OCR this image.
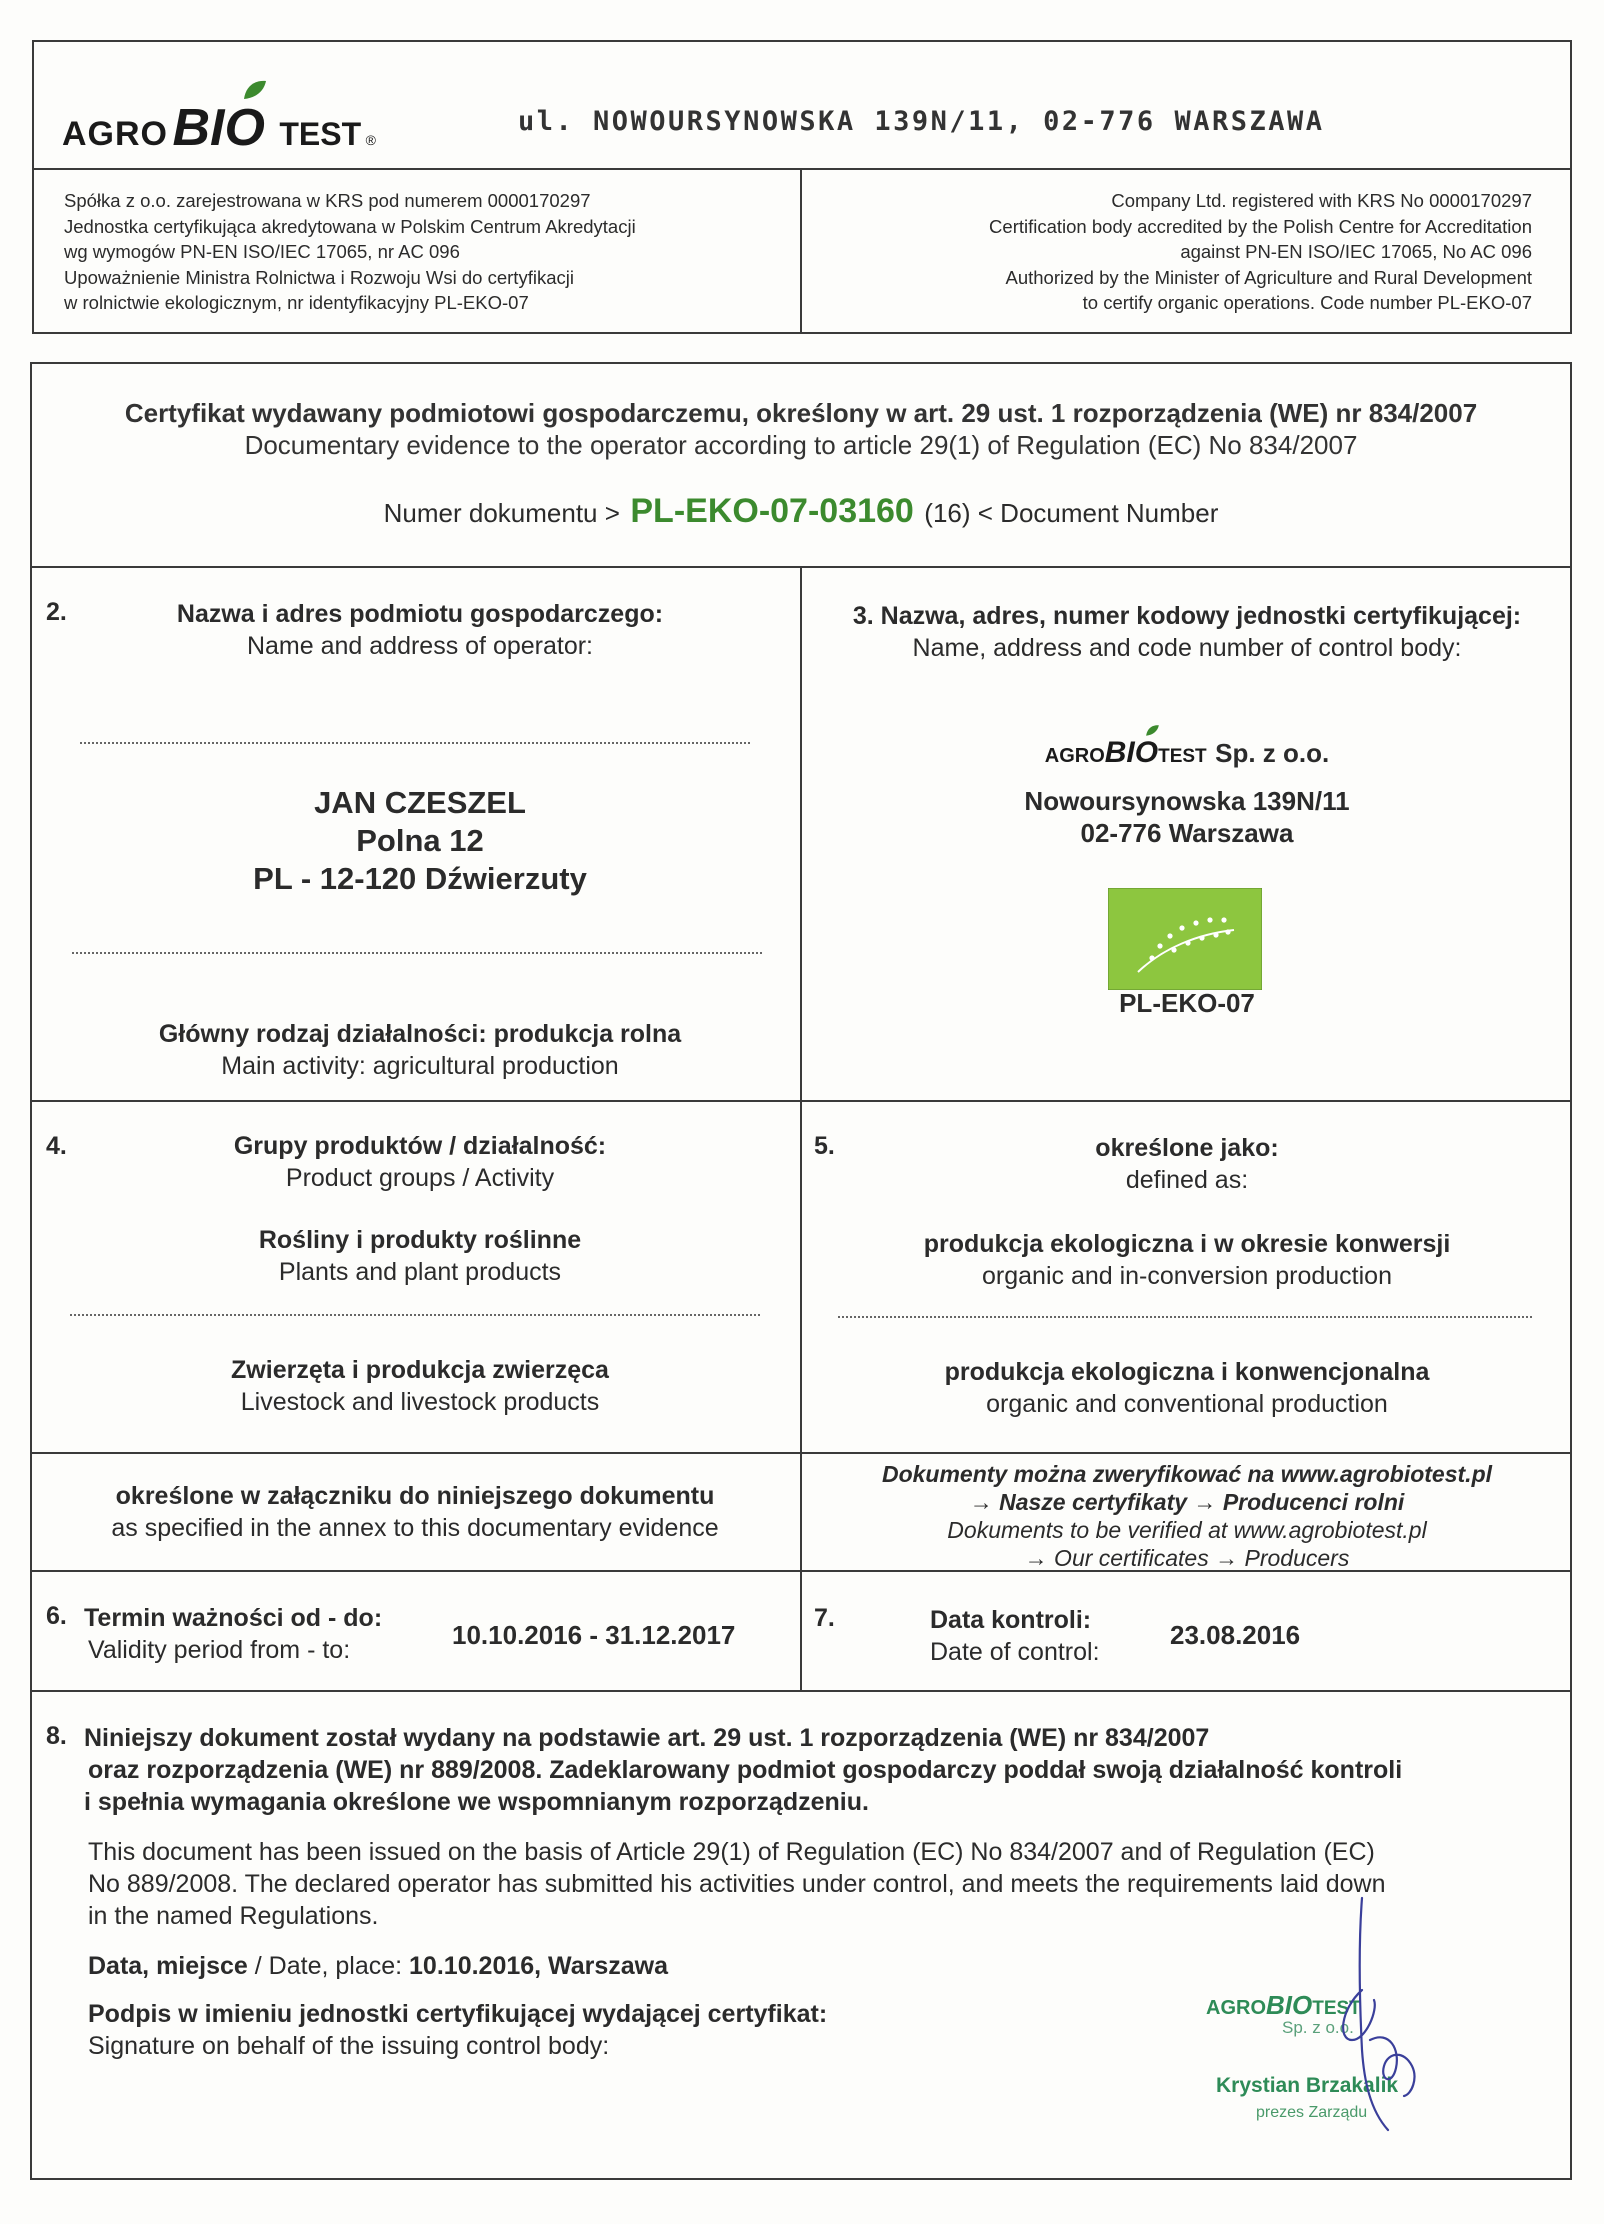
AGRO BIO TEST ®
ul. NOWOURSYNOWSKA 139N/11, 02-776 WARSZAWA
Spółka z o.o. zarejestrowana w KRS pod numerem 0000170297
Jednostka certyfikująca akredytowana w Polskim Centrum Akredytacji
wg wymogów PN-EN ISO/IEC 17065, nr AC 096
Upoważnienie Ministra Rolnictwa i Rozwoju Wsi do certyfikacji
w rolnictwie ekologicznym, nr identyfikacyjny PL-EKO-07
Company Ltd. registered with KRS No 0000170297
Certification body accredited by the Polish Centre for Accreditation
against PN-EN ISO/IEC 17065, No AC 096
Authorized by the Minister of Agriculture and Rural Development
to certify organic operations. Code number PL-EKO-07
Certyfikat wydawany podmiotowi gospodarczemu, określony w art. 29 ust. 1 rozporządzenia (WE) nr 834/2007
Documentary evidence to the operator according to article 29(1) of Regulation (EC) No 834/2007
Numer dokumentu > PL-EKO-07-03160 (16) < Document Number
2.	Nazwa i adres podmiotu gospodarczego:
Name and address of operator:
JAN CZESZEL
Polna 12
PL - 12-120 Dźwierzuty
Główny rodzaj działalności: produkcja rolna
Main activity: agricultural production
3. Nazwa, adres, numer kodowy jednostki certyfikującej:
Name, address and code number of control body:
AGROBIO
TEST Sp. z o.o.
Nowoursynowska 139N/11
02-776 Warszawa
PL-EKO-07
4.	Grupy produktów / działalność:
Product groups / Activity
Rośliny i produkty roślinne
Plants and plant products
Zwierzęta i produkcja zwierzęca
Livestock and livestock products
5.	określone jako:
defined as:
produkcja ekologiczna i w okresie konwersji
organic and in-conversion production
produkcja ekologiczna i konwencjonalna
organic and conventional production
określone w załączniku do niniejszego dokumentu
as specified in the annex to this documentary evidence
Dokumenty można zweryfikować na www.agrobiotest.pl
→ Nasze certyfikaty → Producenci rolni
Dokuments to be verified at www.agrobiotest.pl
→ Our certificates → Producers
6. Termin ważności od - do:
Validity period from - to:	10.10.2016 - 31.12.2017
7.	Data kontroli:
Date of control:
23.08.2016
8. Niniejszy dokument został wydany na podstawie art. 29 ust. 1 rozporządzenia (WE) nr 834/2007
oraz rozporządzenia (WE) nr 889/2008. Zadeklarowany podmiot gospodarczy poddał swoją działalność kontroli
i spełnia wymagania określone we wspomnianym rozporządzeniu.
This document has been issued on the basis of Article 29(1) of Regulation (EC) No 834/2007 and of Regulation (EC)
No 889/2008. The declared operator has submitted his activities under control, and meets the requirements laid down
in the named Regulations.
Data, miejsce / Date, place: 10.10.2016, Warszawa
Podpis w imieniu jednostki certyfikującej wydającej certyfikat:
Signature on behalf of the issuing control body:
AGROBIOTEST
Sp. z o.o.
Krystian Brzakalik
prezes Zarządu
